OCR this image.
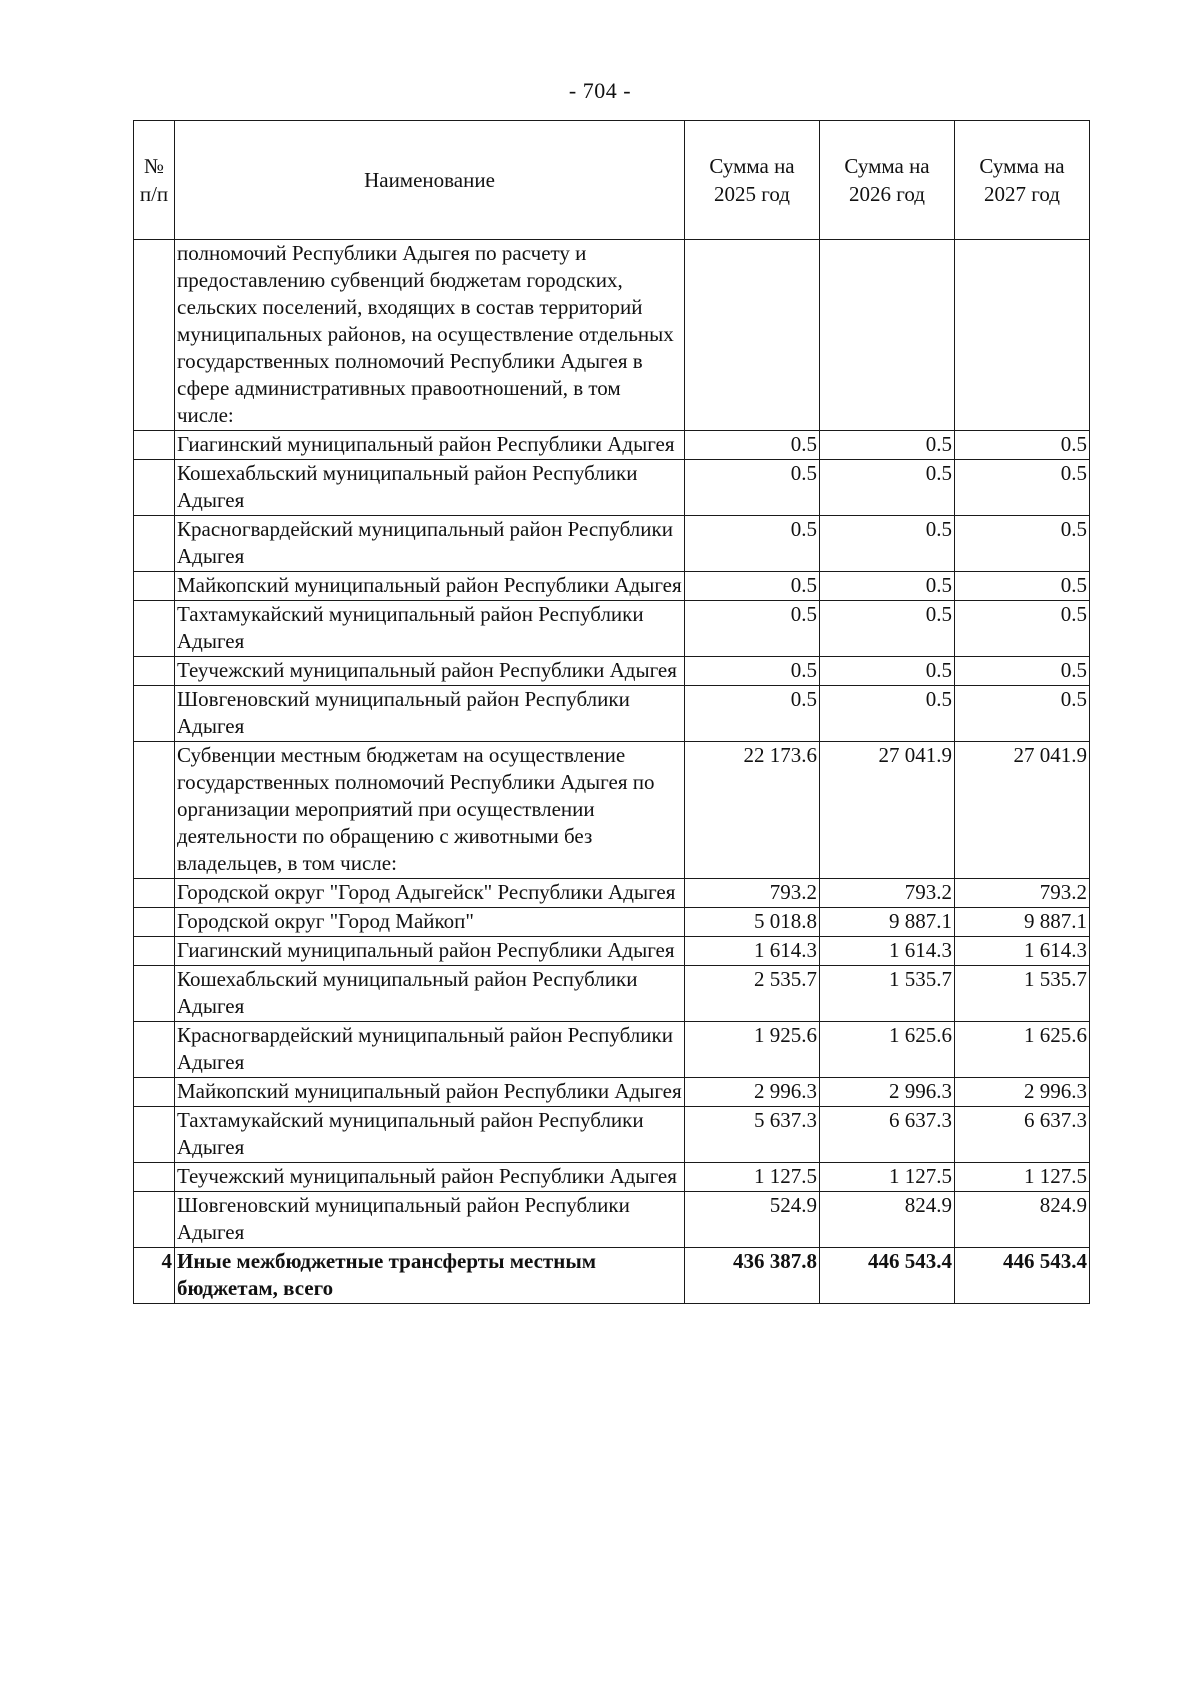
- 704 -
№ п/п	Наименование	Сумма на 2025 год	Сумма на 2026 год	Сумма на 2027 год
	полномочий Республики Адыгея по расчету и предоставлению субвенций бюджетам городских, сельских поселений, входящих в состав территорий муниципальных районов, на осуществление отдельных государственных полномочий Республики Адыгея в сфере административных правоотношений, в том числе:			
	Гиагинский муниципальный район Республики Адыгея	0.5	0.5	0.5
	Кошехабльский муниципальный район Республики Адыгея	0.5	0.5	0.5
	Красногвардейский муниципальный район Республики Адыгея	0.5	0.5	0.5
	Майкопский муниципальный район Республики Адыгея	0.5	0.5	0.5
	Тахтамукайский муниципальный район Республики Адыгея	0.5	0.5	0.5
	Теучежский муниципальный район Республики Адыгея	0.5	0.5	0.5
	Шовгеновский муниципальный район Республики Адыгея	0.5	0.5	0.5
	Субвенции местным бюджетам на осуществление государственных полномочий Республики Адыгея по организации мероприятий при осуществлении деятельности по обращению с животными без владельцев, в том числе:	22 173.6	27 041.9	27 041.9
	Городской округ "Город Адыгейск" Республики Адыгея	793.2	793.2	793.2
	Городской округ "Город Майкоп"	5 018.8	9 887.1	9 887.1
	Гиагинский муниципальный район Республики Адыгея	1 614.3	1 614.3	1 614.3
	Кошехабльский муниципальный район Республики Адыгея	2 535.7	1 535.7	1 535.7
	Красногвардейский муниципальный район Республики Адыгея	1 925.6	1 625.6	1 625.6
	Майкопский муниципальный район Республики Адыгея	2 996.3	2 996.3	2 996.3
	Тахтамукайский муниципальный район Республики Адыгея	5 637.3	6 637.3	6 637.3
	Теучежский муниципальный район Республики Адыгея	1 127.5	1 127.5	1 127.5
	Шовгеновский муниципальный район Республики Адыгея	524.9	824.9	824.9
4	Иные межбюджетные трансферты местным бюджетам, всего	436 387.8	446 543.4	446 543.4
